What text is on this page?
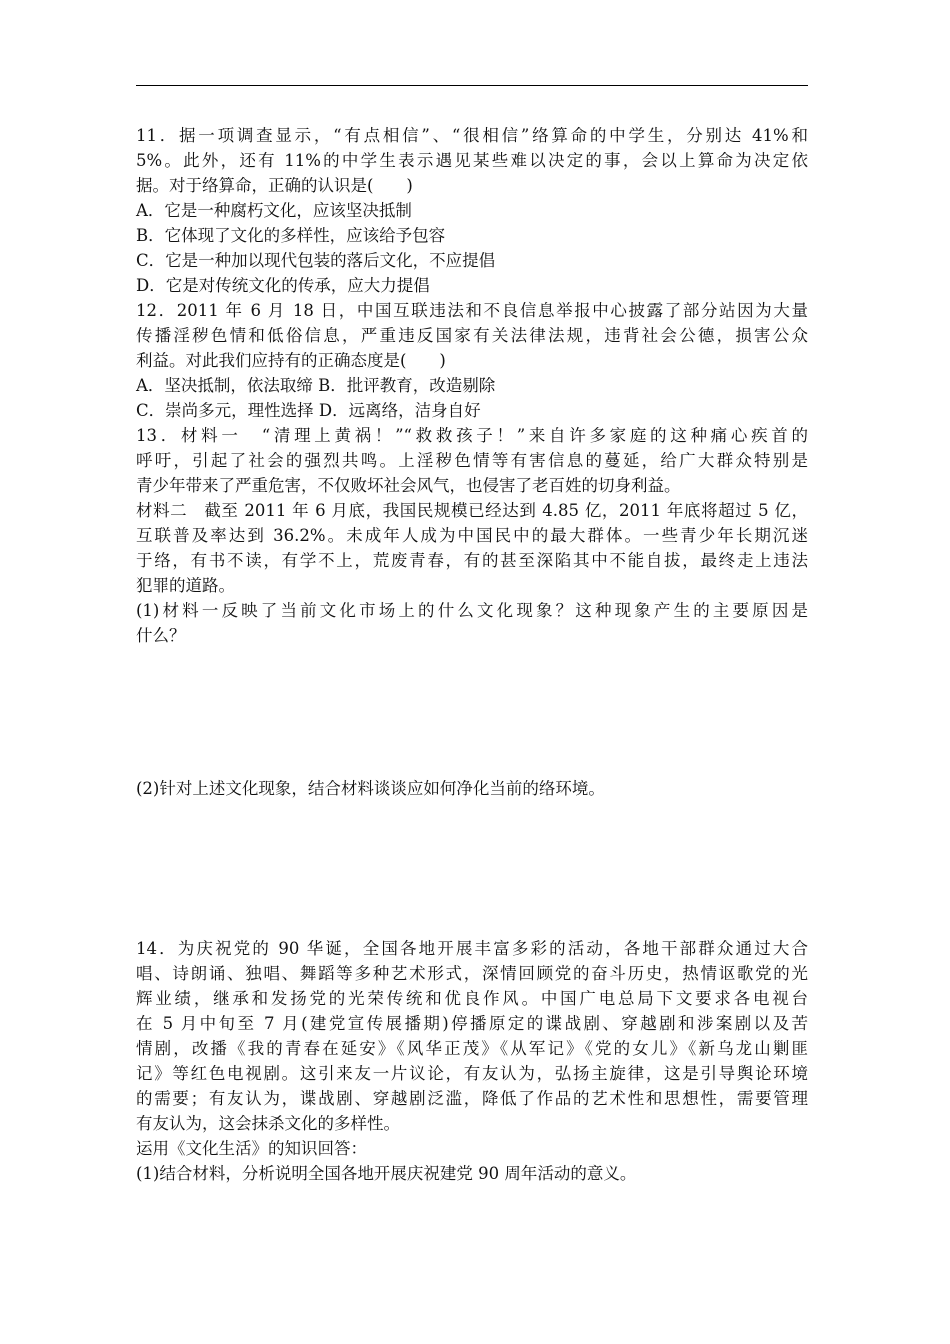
11．据一项调查显示，“有点相信”、“很相信”络算命的中学生，分别达 41%和
5%。此外，还有 11%的中学生表示遇见某些难以决定的事，会以上算命为决定依
据。对于络算命，正确的认识是(　　)
A．它是一种腐朽文化，应该坚决抵制
B．它体现了文化的多样性，应该给予包容
C．它是一种加以现代包装的落后文化，不应提倡
D．它是对传统文化的传承，应大力提倡
12．2011 年 6 月 18 日，中国互联违法和不良信息举报中心披露了部分站因为大量
传播淫秽色情和低俗信息，严重违反国家有关法律法规，违背社会公德，损害公众
利益。对此我们应持有的正确态度是(　　)
A．坚决抵制，依法取缔 B．批评教育，改造剔除
C．崇尚多元，理性选择 D．远离络，洁身自好
13．材料一　“清理上黄祸！”“救救孩子！”来自许多家庭的这种痛心疾首的
呼吁，引起了社会的强烈共鸣。上淫秽色情等有害信息的蔓延，给广大群众特别是
青少年带来了严重危害，不仅败坏社会风气，也侵害了老百姓的切身利益。
材料二　截至 2011 年 6 月底，我国民规模已经达到 4.85 亿，2011 年底将超过 5 亿，
互联普及率达到 36.2%。未成年人成为中国民中的最大群体。一些青少年长期沉迷
于络，有书不读，有学不上，荒废青春，有的甚至深陷其中不能自拔，最终走上违法
犯罪的道路。
(1)材料一反映了当前文化市场上的什么文化现象？这种现象产生的主要原因是
什么？
(2)针对上述文化现象，结合材料谈谈应如何净化当前的络环境。
14．为庆祝党的 90 华诞，全国各地开展丰富多彩的活动，各地干部群众通过大合
唱、诗朗诵、独唱、舞蹈等多种艺术形式，深情回顾党的奋斗历史，热情讴歌党的光
辉业绩，继承和发扬党的光荣传统和优良作风。中国广电总局下文要求各电视台
在 5 月中旬至 7 月(建党宣传展播期)停播原定的谍战剧、穿越剧和涉案剧以及苦
情剧，改播《我的青春在延安》《风华正茂》《从军记》《党的女儿》《新乌龙山剿匪
记》等红色电视剧。这引来友一片议论，有友认为，弘扬主旋律，这是引导舆论环境
的需要；有友认为，谍战剧、穿越剧泛滥，降低了作品的艺术性和思想性，需要管理
有友认为，这会抹杀文化的多样性。
运用《文化生活》的知识回答：
(1)结合材料，分析说明全国各地开展庆祝建党 90 周年活动的意义。
